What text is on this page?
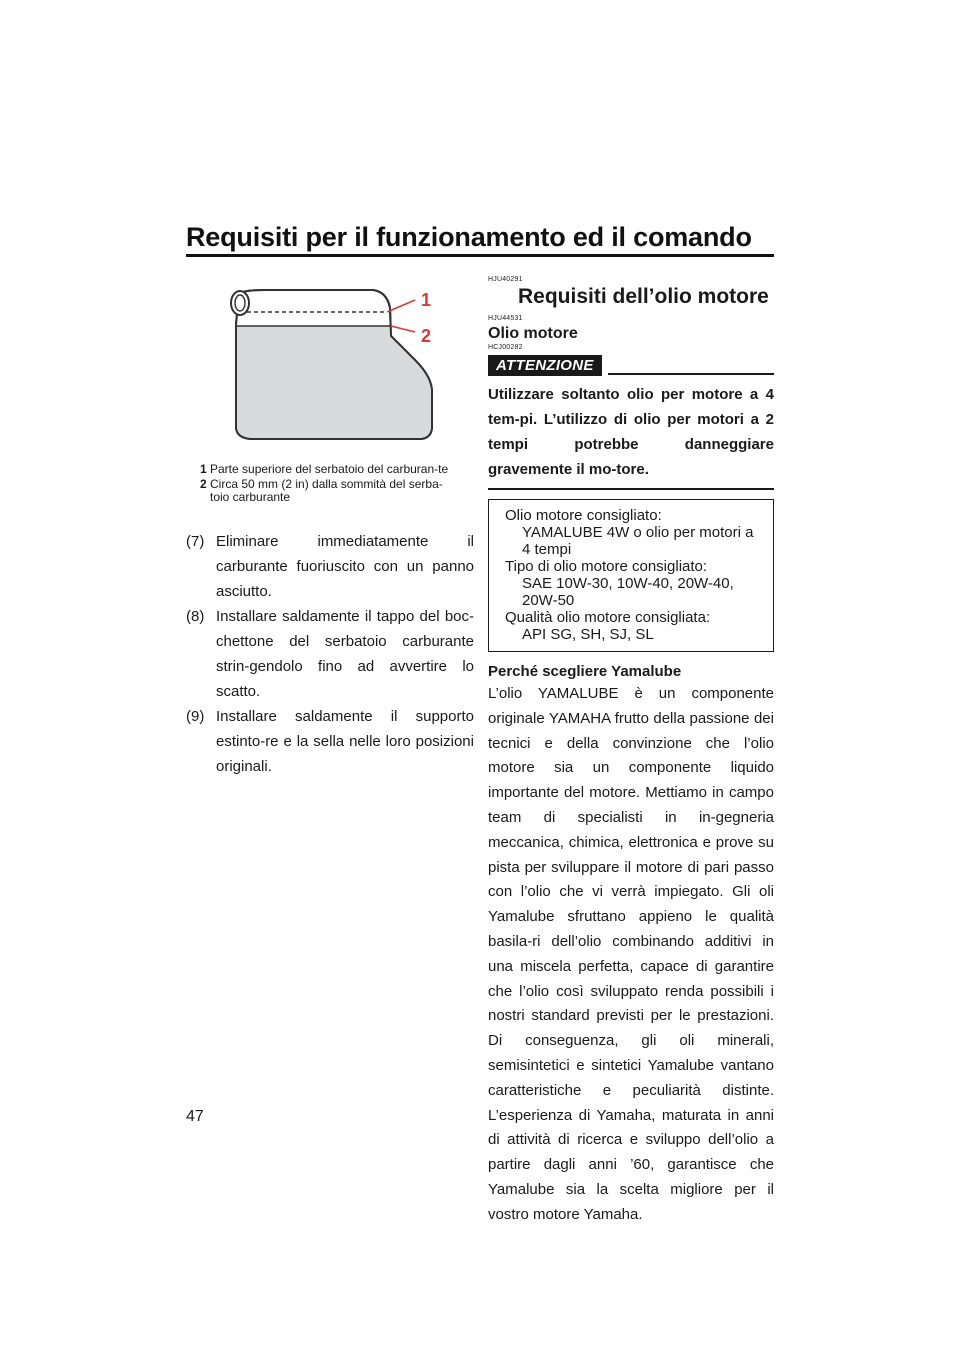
Requisiti per il funzionamento ed il comando
1
2
1 Parte superiore del serbatoio del carburan-te
2 Circa 50 mm (2 in) dalla sommità del serba-toio carburante
(7) Eliminare immediatamente il carburante fuoriuscito con un panno asciutto.
(8) Installare saldamente il tappo del boc-chettone del serbatoio carburante strin-gendolo fino ad avvertire lo scatto.
(9) Installare saldamente il supporto estinto-re e la sella nelle loro posizioni originali.
HJU40291
Requisiti dell’olio motore
HJU44531
Olio motore
HCJ00282
ATTENZIONE
Utilizzare soltanto olio per motore a 4 tem-pi. L’utilizzo di olio per motori a 2 tempi potrebbe danneggiare gravemente il mo-tore.
Olio motore consigliato:
YAMALUBE 4W o olio per motori a 4 tempi
Tipo di olio motore consigliato:
SAE 10W-30, 10W-40, 20W-40, 20W-50
Qualità olio motore consigliata:
API SG, SH, SJ, SL
Perché scegliere Yamalube
L’olio YAMALUBE è un componente originale YAMAHA frutto della passione dei tecnici e della convinzione che l’olio motore sia un componente liquido importante del motore. Mettiamo in campo team di specialisti in in-gegneria meccanica, chimica, elettronica e prove su pista per sviluppare il motore di pari passo con l’olio che vi verrà impiegato. Gli oli Yamalube sfruttano appieno le qualità basila-ri dell’olio combinando additivi in una miscela perfetta, capace di garantire che l’olio così sviluppato renda possibili i nostri standard previsti per le prestazioni. Di conseguenza, gli oli minerali, semisintetici e sintetici Yamalube vantano caratteristiche e peculiarità distinte. L’esperienza di Yamaha, maturata in anni di attività di ricerca e sviluppo dell’olio a partire dagli anni ’60, garantisce che Yamalube sia la scelta migliore per il vostro motore Yamaha.
47
